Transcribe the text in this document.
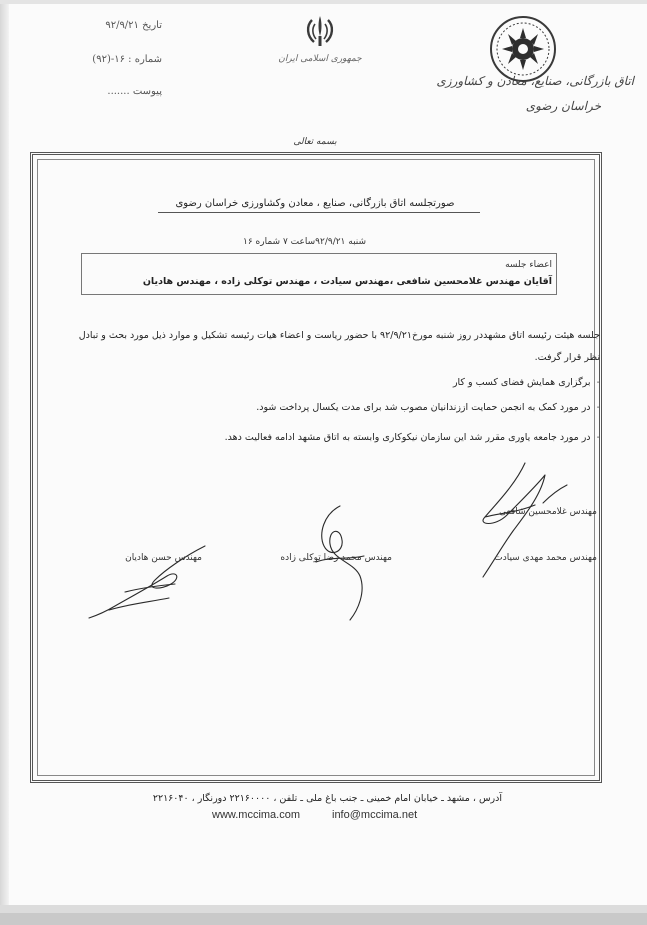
تاریخ ۹۲/۹/۲۱
شماره : ۱۶-(۹۲)
پیوست .......
جمهوری اسلامی ایران
اتاق بازرگانی، صنایع، معادن و کشاورزی
خراسان رضوی
بسمه تعالی
صورتجلسه اتاق بازرگانی، صنایع ، معادن وکشاورزی خراسان رضوی
شنبه ۹۲/۹/۲۱ساعت ۷ شماره ۱۶
اعضاء جلسه
آقایان مهندس غلامحسین شافعی ،مهندس سیادت ، مهندس توکلی زاده ، مهندس هادیان
جلسه هیئت رئیسه اتاق مشهددر روز شنبه مورخ۹۲/۹/۲۱ با حضور ریاست و اعضاء هیات رئیسه تشکیل و موارد ذیل مورد بحث و تبادل
نظر قرار گرفت.
-  برگزاری همایش فضای کسب و کار
-  در مورد کمک به انجمن حمایت اززندانیان مصوب شد برای مدت یکسال پرداخت شود.
-  در مورد جامعه یاوری مقرر شد این سازمان نیکوکاری وابسته به اتاق مشهد ادامه فعالیت دهد.
مهندس غلامحسین شافعی
مهندس محمد مهدی سیادت
مهندس محمد رضا توکلی زاده
مهندس حسن هادیان
آدرس ، مشهد ـ خیابان امام خمینی ـ جنب باغ ملی ـ تلفن ، ۲۲۱۶۰۰۰۰ دورنگار ، ۲۲۱۶۰۴۰
www.mccima.com	info@mccima.net
